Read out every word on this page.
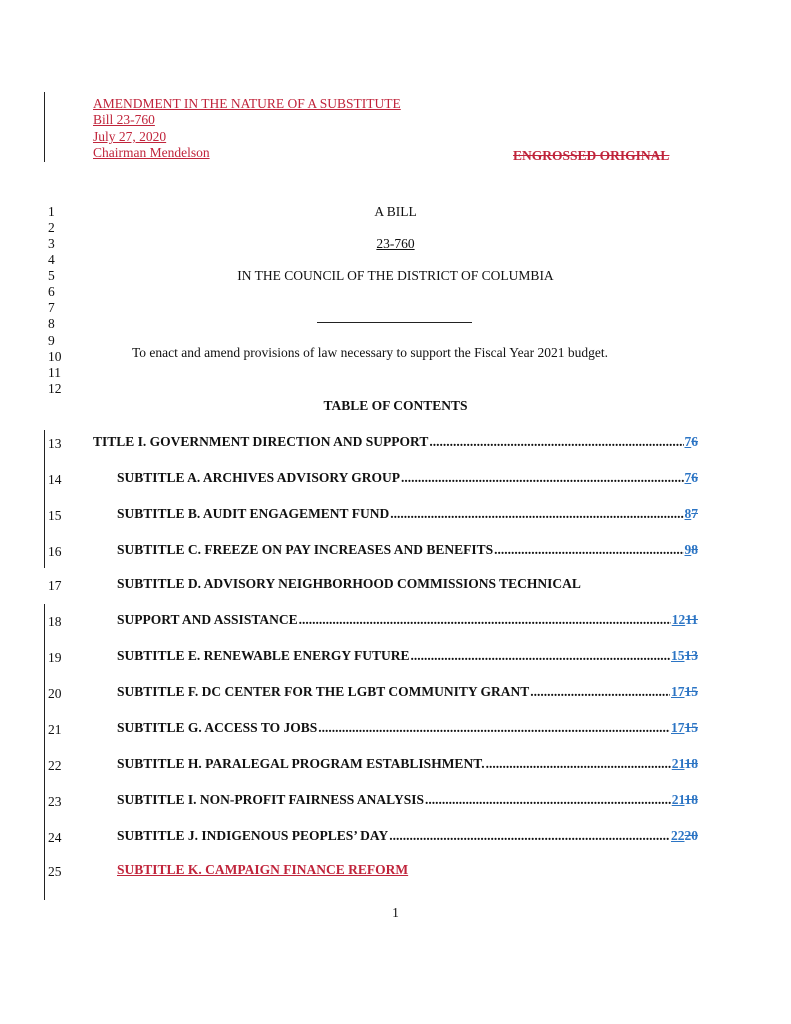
AMENDMENT IN THE NATURE OF A SUBSTITUTE
Bill 23-760
July 27, 2020
Chairman Mendelson	ENGROSSED ORIGINAL
1
2
3
4
5
6
7
8
9
10
11
12
13
14
15
16
17
18
19
20
21
22
23
24
25
A BILL
23-760
IN THE COUNCIL OF THE DISTRICT OF COLUMBIA
To enact and amend provisions of law necessary to support the Fiscal Year 2021 budget.
TABLE OF CONTENTS
TITLE I. GOVERNMENT DIRECTION AND SUPPORT .....	76
SUBTITLE A. ARCHIVES ADVISORY GROUP .....	76
SUBTITLE B. AUDIT ENGAGEMENT FUND .....	87
SUBTITLE C. FREEZE ON PAY INCREASES AND BENEFITS .....	98
SUBTITLE D. ADVISORY NEIGHBORHOOD COMMISSIONS TECHNICAL
SUPPORT AND ASSISTANCE .....	1211
SUBTITLE E. RENEWABLE ENERGY FUTURE .....	1513
SUBTITLE F. DC CENTER FOR THE LGBT COMMUNITY GRANT .....	1715
SUBTITLE G. ACCESS TO JOBS .....	1715
SUBTITLE H. PARALEGAL PROGRAM ESTABLISHMENT. .....	2118
SUBTITLE I. NON-PROFIT FAIRNESS ANALYSIS .....	2118
SUBTITLE J. INDIGENOUS PEOPLES’ DAY .....	2220
SUBTITLE K. CAMPAIGN FINANCE REFORM
1
